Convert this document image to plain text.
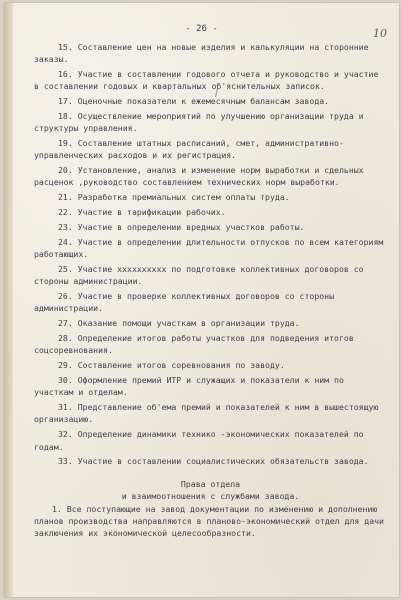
- 26 -	10
15. Составление цен на новые изделия и калькуляции на сторонние заказы.
16. Участие в составлении годового отчета и руководство и участие в составлении годовых и квартальных об'яснительных записок.
17. Оценочные показатели к ежемесячным балансам завода.
18. Осуществление мероприятий по улучшению организации труда и структуры управления.
19. Составление штатных расписаний, смет, административно-управленческих расходов и их регистрация.
20. Установление, анализ и изменение норм выработки и сдельных расценок ,руководство составлением технических норм выработки.
21. Разработка премиальных систем оплаты труда.
22. Участие в тарификации рабочих.
23. Участие в определении вредных участков работы.
24. Участие в определении длительности отпусков по всем категориям работающих.
25. Участие хххххххххх по подготовке коллективных договоров со стороны администрации.
26. Участие в проверке коллективных договоров со стороны администрации.
27. Оказание помощи участкам в организации труда.
28. Определение итогов работы участков для подведения итогов соцсоревнования.
29. Составление итогов соревнования по заводу.
30. Оформление премий ИТР и служащих и показатели к ним по участкам и отделам.
31. Представление об'ема премий и показателей к ним в вышестоящую организацию.
32. Определение динамики технико -экономических показателей по годам.
33. Участие в составлении социалистических обязательств завода.
Права отдела
и взаимоотношения с службами завода.
1. Все поступающие на завод документации по изменению и дополнению планов производства направляются в планово-экономический отдел для дачи заключения их экономической целесообразности.
